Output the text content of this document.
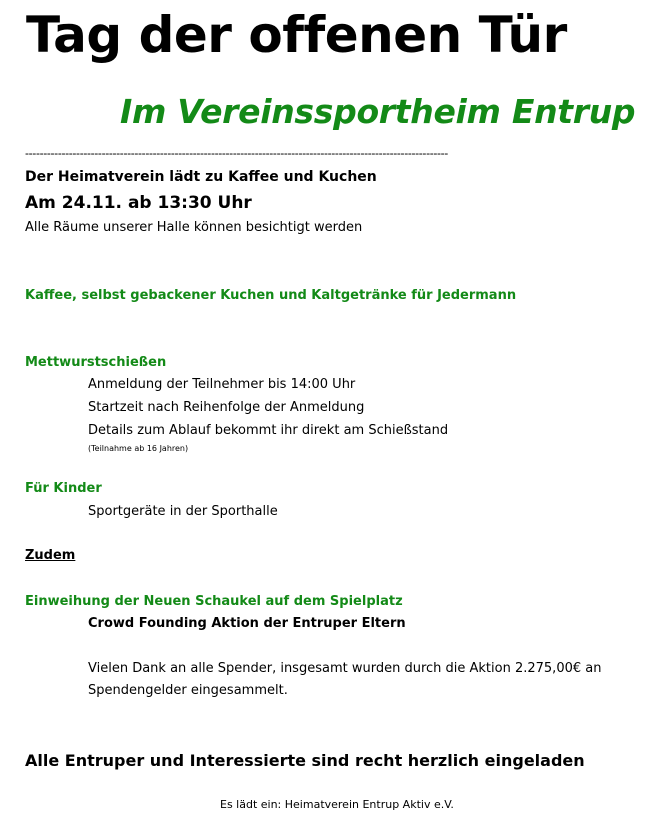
Tag der offenen Tür
Im Vereinssportheim Entrup
--------------------------------------------------------------------------------------------------------------------
Der Heimatverein lädt zu Kaffee und Kuchen
Am 24.11. ab 13:30 Uhr
Alle Räume unserer Halle können besichtigt werden
Kaffee, selbst gebackener Kuchen und Kaltgetränke für Jedermann
Mettwurstschießen
Anmeldung der Teilnehmer bis 14:00 Uhr
Startzeit nach Reihenfolge der Anmeldung
Details zum Ablauf bekommt ihr direkt am Schießstand
(Teilnahme ab 16 Jahren)
Für Kinder
Sportgeräte in der Sporthalle
Zudem
Einweihung der Neuen Schaukel auf dem Spielplatz
Crowd Founding Aktion der Entruper Eltern
Vielen Dank an alle Spender, insgesamt wurden durch die Aktion 2.275,00€ an
Spendengelder eingesammelt.
Alle Entruper und Interessierte sind recht herzlich eingeladen
Es lädt ein: Heimatverein Entrup Aktiv e.V.
